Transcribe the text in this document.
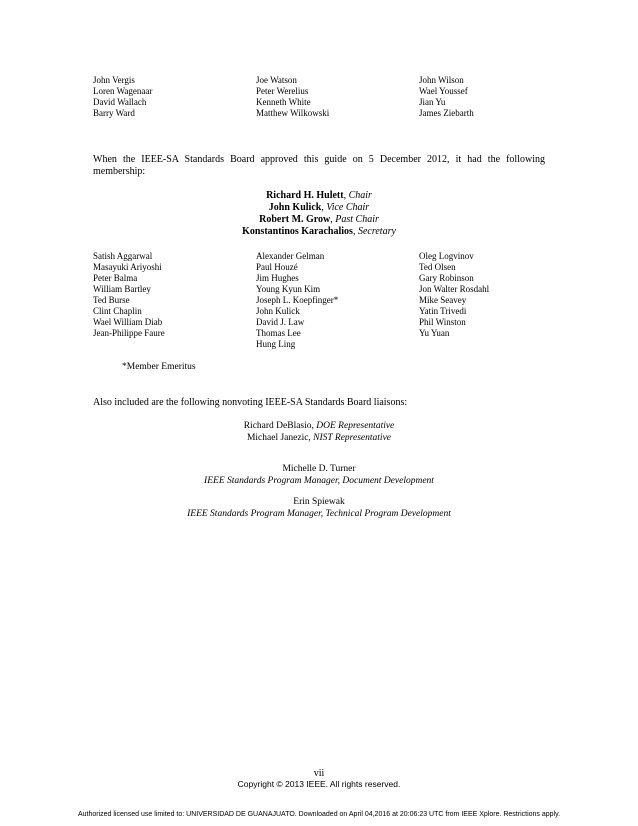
John Vergis
Loren Wagenaar
David Wallach
Barry Ward
Joe Watson
Peter Werelius
Kenneth White
Matthew Wilkowski
John Wilson
Wael Youssef
Jian Yu
James Ziebarth
When the IEEE-SA Standards Board approved this guide on 5 December 2012, it had the following membership:
Richard H. Hulett, Chair
John Kulick, Vice Chair
Robert M. Grow, Past Chair
Konstantinos Karachalios, Secretary
Satish Aggarwal
Masayuki Ariyoshi
Peter Balma
William Bartley
Ted Burse
Clint Chaplin
Wael William Diab
Jean-Philippe Faure
Alexander Gelman
Paul Houzé
Jim Hughes
Young Kyun Kim
Joseph L. Koepfinger*
John Kulick
David J. Law
Thomas Lee
Hung Ling
Oleg Logvinov
Ted Olsen
Gary Robinson
Jon Walter Rosdahl
Mike Seavey
Yatin Trivedi
Phil Winston
Yu Yuan
*Member Emeritus
Also included are the following nonvoting IEEE-SA Standards Board liaisons:
Richard DeBlasio, DOE Representative
Michael Janezic, NIST Representative
Michelle D. Turner
IEEE Standards Program Manager, Document Development
Erin Spiewak
IEEE Standards Program Manager, Technical Program Development
vii
Copyright © 2013 IEEE. All rights reserved.
Authorized licensed use limited to: UNIVERSIDAD DE GUANAJUATO. Downloaded on April 04,2016 at 20:06:23 UTC from IEEE Xplore. Restrictions apply.
